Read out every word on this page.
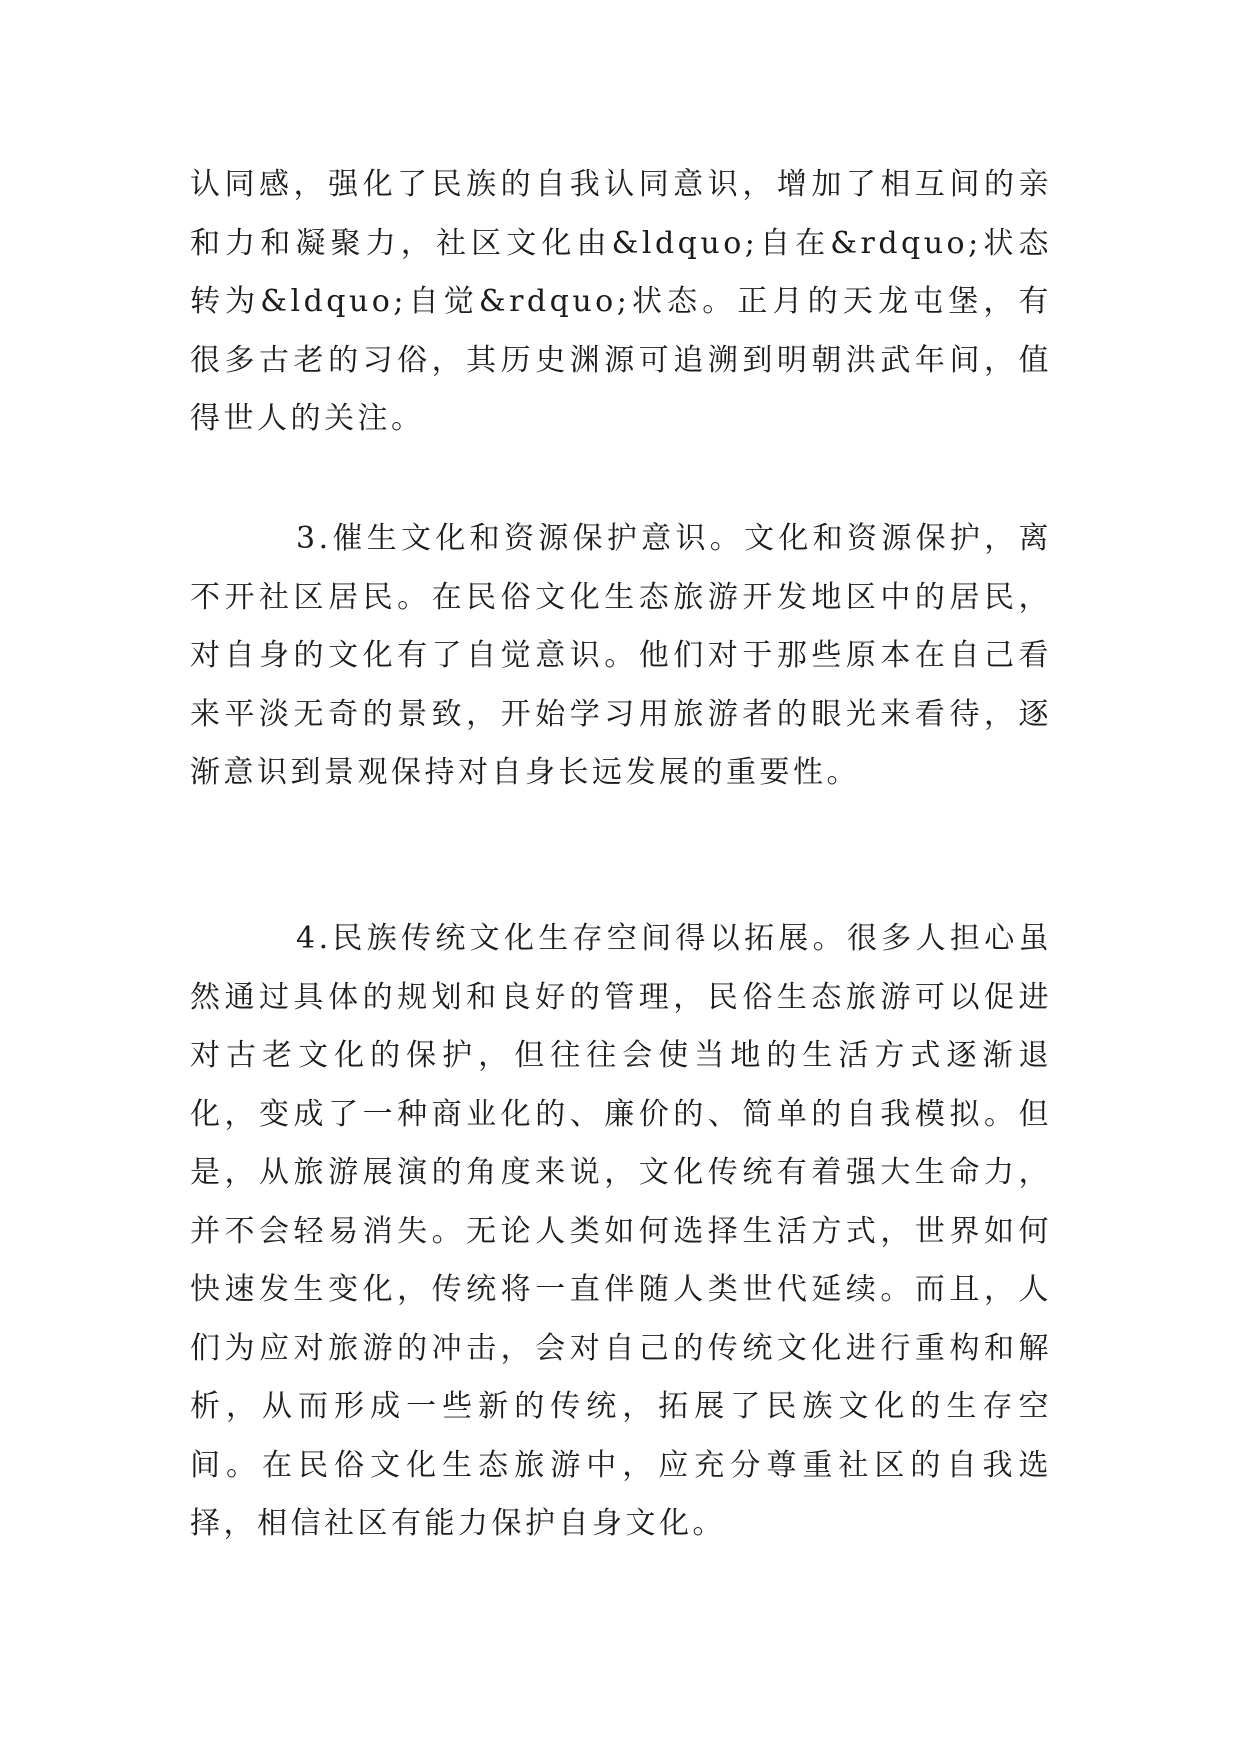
认同感，强化了民族的自我认同意识，增加了相互间的亲和力和凝聚力，社区文化由&ldquo;自在&rdquo;状态转为&ldquo;自觉&rdquo;状态。正月的天龙屯堡，有很多古老的习俗，其历史渊源可追溯到明朝洪武年间，值得世人的关注。

3.催生文化和资源保护意识。文化和资源保护，离不开社区居民。在民俗文化生态旅游开发地区中的居民，对自身的文化有了自觉意识。他们对于那些原本在自己看来平淡无奇的景致，开始学习用旅游者的眼光来看待，逐渐意识到景观保持对自身长远发展的重要性。

4.民族传统文化生存空间得以拓展。很多人担心虽然通过具体的规划和良好的管理，民俗生态旅游可以促进对古老文化的保护，但往往会使当地的生活方式逐渐退化，变成了一种商业化的、廉价的、简单的自我模拟。但是，从旅游展演的角度来说，文化传统有着强大生命力，并不会轻易消失。无论人类如何选择生活方式，世界如何快速发生变化，传统将一直伴随人类世代延续。而且，人们为应对旅游的冲击，会对自己的传统文化进行重构和解析，从而形成一些新的传统，拓展了民族文化的生存空间。在民俗文化生态旅游中，应充分尊重社区的自我选择，相信社区有能力保护自身文化。
